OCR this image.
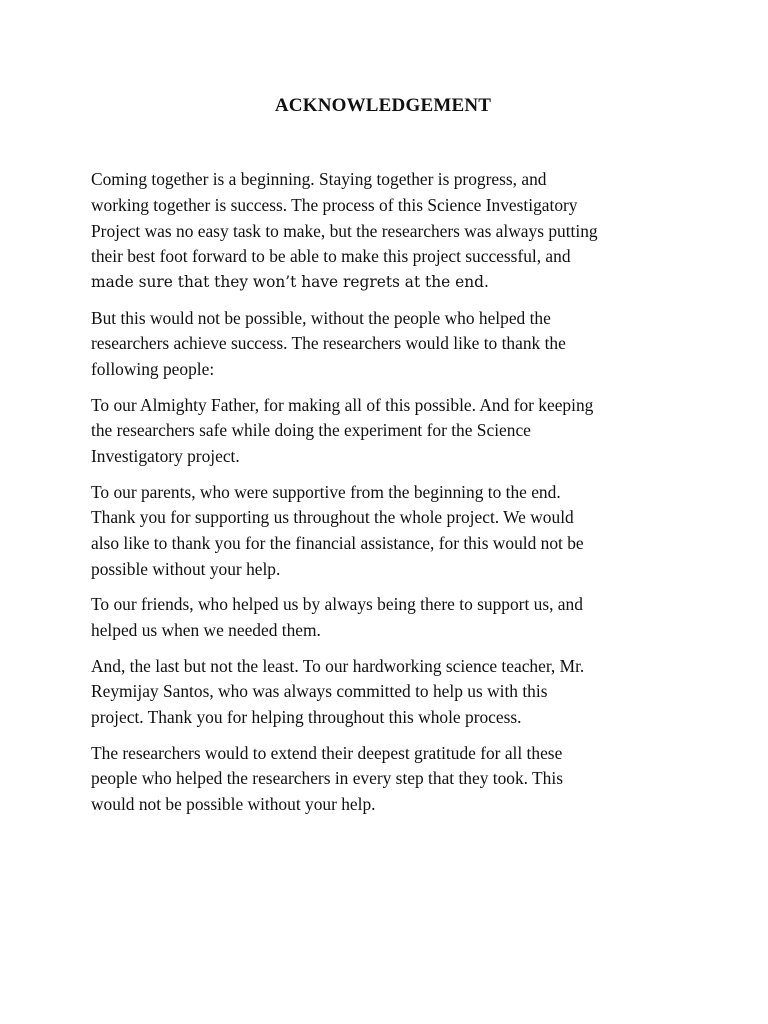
ACKNOWLEDGEMENT

Coming together is a beginning. Staying together is progress, and
working together is success. The process of this Science Investigatory
Project was no easy task to make, but the researchers was always putting
their best foot forward to be able to make this project successful, and
made sure that they won’t have regrets at the end.

But this would not be possible, without the people who helped the
researchers achieve success. The researchers would like to thank the
following people:

To our Almighty Father, for making all of this possible. And for keeping
the researchers safe while doing the experiment for the Science
Investigatory project.

To our parents, who were supportive from the beginning to the end.
Thank you for supporting us throughout the whole project. We would
also like to thank you for the financial assistance, for this would not be
possible without your help.

To our friends, who helped us by always being there to support us, and
helped us when we needed them.

And, the last but not the least. To our hardworking science teacher, Mr.
Reymijay Santos, who was always committed to help us with this
project. Thank you for helping throughout this whole process.

The researchers would to extend their deepest gratitude for all these
people who helped the researchers in every step that they took. This
would not be possible without your help.
